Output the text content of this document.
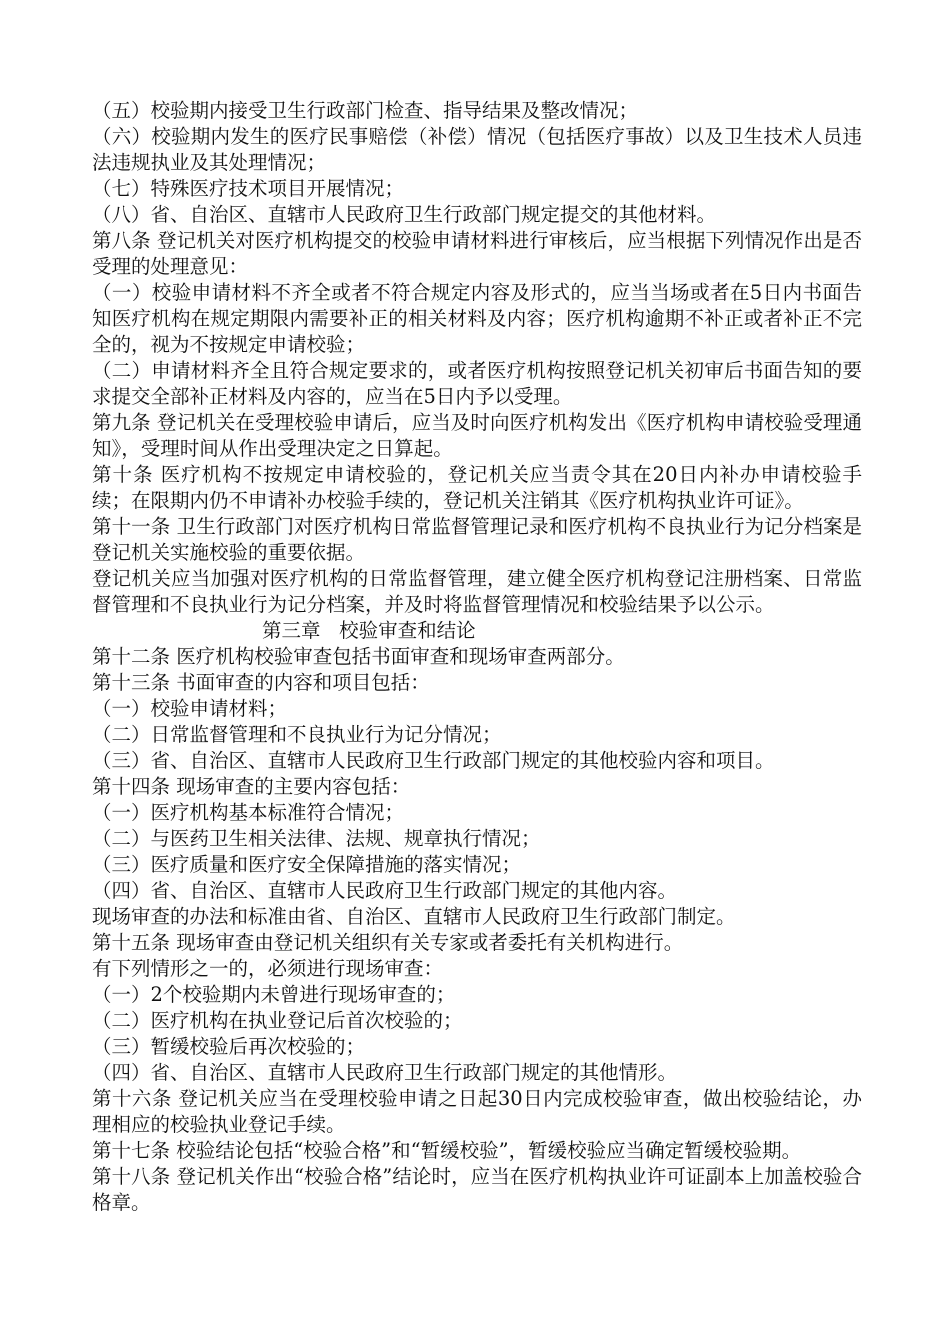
（五）校验期内接受卫生行政部门检查、指导结果及整改情况；

（六）校验期内发生的医疗民事赔偿（补偿）情况（包括医疗事故）以及卫生技术人员违法违规执业及其处理情况；

（七）特殊医疗技术项目开展情况；

（八）省、自治区、直辖市人民政府卫生行政部门规定提交的其他材料。

第八条 登记机关对医疗机构提交的校验申请材料进行审核后，应当根据下列情况作出是否受理的处理意见：

（一）校验申请材料不齐全或者不符合规定内容及形式的，应当当场或者在5日内书面告知医疗机构在规定期限内需要补正的相关材料及内容；医疗机构逾期不补正或者补正不完全的，视为不按规定申请校验；

（二）申请材料齐全且符合规定要求的，或者医疗机构按照登记机关初审后书面告知的要求提交全部补正材料及内容的，应当在5日内予以受理。

第九条 登记机关在受理校验申请后，应当及时向医疗机构发出《医疗机构申请校验受理通知》，受理时间从作出受理决定之日算起。

第十条 医疗机构不按规定申请校验的，登记机关应当责令其在20日内补办申请校验手续；在限期内仍不申请补办校验手续的，登记机关注销其《医疗机构执业许可证》。

第十一条 卫生行政部门对医疗机构日常监督管理记录和医疗机构不良执业行为记分档案是登记机关实施校验的重要依据。

登记机关应当加强对医疗机构的日常监督管理，建立健全医疗机构登记注册档案、日常监督管理和不良执业行为记分档案，并及时将监督管理情况和校验结果予以公示。

第三章   校验审查和结论

第十二条 医疗机构校验审查包括书面审查和现场审查两部分。

第十三条 书面审查的内容和项目包括：

（一）校验申请材料；

（二）日常监督管理和不良执业行为记分情况；

（三）省、自治区、直辖市人民政府卫生行政部门规定的其他校验内容和项目。

第十四条 现场审查的主要内容包括：

（一）医疗机构基本标准符合情况；

（二）与医药卫生相关法律、法规、规章执行情况；

（三）医疗质量和医疗安全保障措施的落实情况；

（四）省、自治区、直辖市人民政府卫生行政部门规定的其他内容。

现场审查的办法和标准由省、自治区、直辖市人民政府卫生行政部门制定。

第十五条 现场审查由登记机关组织有关专家或者委托有关机构进行。

有下列情形之一的，必须进行现场审查：

（一）2个校验期内未曾进行现场审查的；

（二）医疗机构在执业登记后首次校验的；

（三）暂缓校验后再次校验的；

（四）省、自治区、直辖市人民政府卫生行政部门规定的其他情形。

第十六条 登记机关应当在受理校验申请之日起30日内完成校验审查，做出校验结论，办理相应的校验执业登记手续。

第十七条 校验结论包括“校验合格”和“暂缓校验”，暂缓校验应当确定暂缓校验期。

第十八条 登记机关作出“校验合格”结论时，应当在医疗机构执业许可证副本上加盖校验合格章。
